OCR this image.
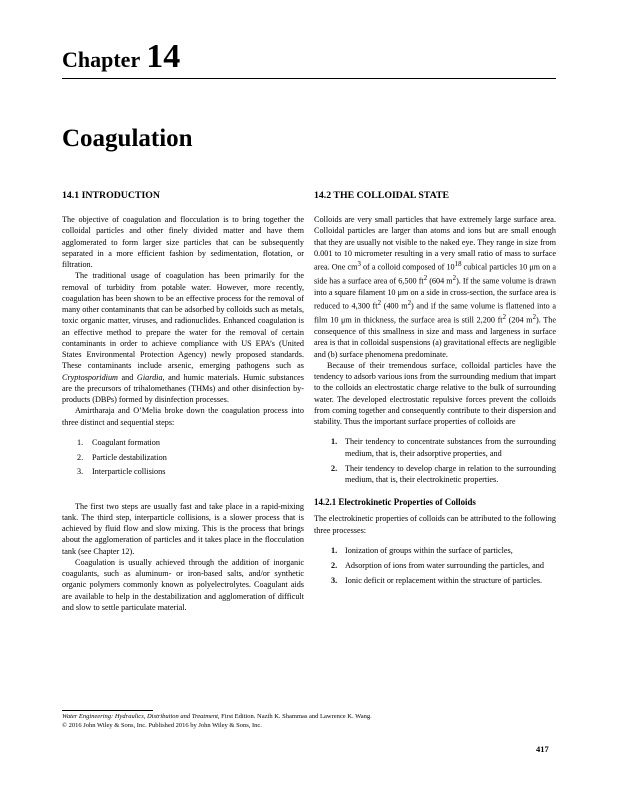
Chapter 14
Coagulation
14.1 INTRODUCTION

The objective of coagulation and flocculation is to bring together the colloidal particles and other finely divided matter and have them agglomerated to form larger size particles that can be subsequently separated in a more efficient fashion by sedimentation, flotation, or filtration.

The traditional usage of coagulation has been primarily for the removal of turbidity from potable water. However, more recently, coagulation has been shown to be an effective process for the removal of many other contaminants that can be adsorbed by colloids such as metals, toxic organic matter, viruses, and radionuclides. Enhanced coagulation is an effective method to prepare the water for the removal of certain contaminants in order to achieve compliance with US EPA’s (United States Environmental Protection Agency) newly proposed standards. These contaminants include arsenic, emerging pathogens such as Cryptosporidium and Giardia, and humic materials. Humic substances are the precursors of trihalomethanes (THMs) and other disinfection by-products (DBPs) formed by disinfection processes.

Amirtharaja and O’Melia broke down the coagulation process into three distinct and sequential steps:

1. Coagulant formation
2. Particle destabilization
3. Interparticle collisions

The first two steps are usually fast and take place in a rapid-mixing tank. The third step, interparticle collisions, is a slower process that is achieved by fluid flow and slow mixing. This is the process that brings about the agglomeration of particles and it takes place in the flocculation tank (see Chapter 12).

Coagulation is usually achieved through the addition of inorganic coagulants, such as aluminum- or iron-based salts, and/or synthetic organic polymers commonly known as polyelectrolytes. Coagulant aids are available to help in the destabilization and agglomeration of difficult and slow to settle particulate material.

14.2 THE COLLOIDAL STATE

Colloids are very small particles that have extremely large surface area. Colloidal particles are larger than atoms and ions but are small enough that they are usually not visible to the naked eye. They range in size from 0.001 to 10 micrometer resulting in a very small ratio of mass to surface area. One $cm^3$ of a colloid composed of $10^{18}$ cubical particles 10 μm on a side has a surface area of 6,500 $ft^2$ (604 $m^2$). If the same volume is drawn into a square filament 10 μm on a side in cross-section, the surface area is reduced to 4,300 $ft^2$ (400 $m^2$) and if the same volume is flattened into a film 10 μm in thickness, the surface area is still 2,200 $ft^2$ (204 $m^2$). The consequence of this smallness in size and mass and largeness in surface area is that in colloidal suspensions (a) gravitational effects are negligible and (b) surface phenomena predominate.

Because of their tremendous surface, colloidal particles have the tendency to adsorb various ions from the surrounding medium that impart to the colloids an electrostatic charge relative to the bulk of surrounding water. The developed electrostatic repulsive forces prevent the colloids from coming together and consequently contribute to their dispersion and stability. Thus the important surface properties of colloids are

1. Their tendency to concentrate substances from the surrounding medium, that is, their adsorptive properties, and
2. Their tendency to develop charge in relation to the surrounding medium, that is, their electrokinetic properties.
14.2.1 Electrokinetic Properties of Colloids

The electrokinetic properties of colloids can be attributed to the following three processes:

1. Ionization of groups within the surface of particles,
2. Adsorption of ions from water surrounding the particles, and
3. Ionic deficit or replacement within the structure of particles.
Water Engineering: Hydraulics, Distribution and Treatment, First Edition. Nazih K. Shammas and Lawrence K. Wang.
© 2016 John Wiley & Sons, Inc. Published 2016 by John Wiley & Sons, Inc.
417
